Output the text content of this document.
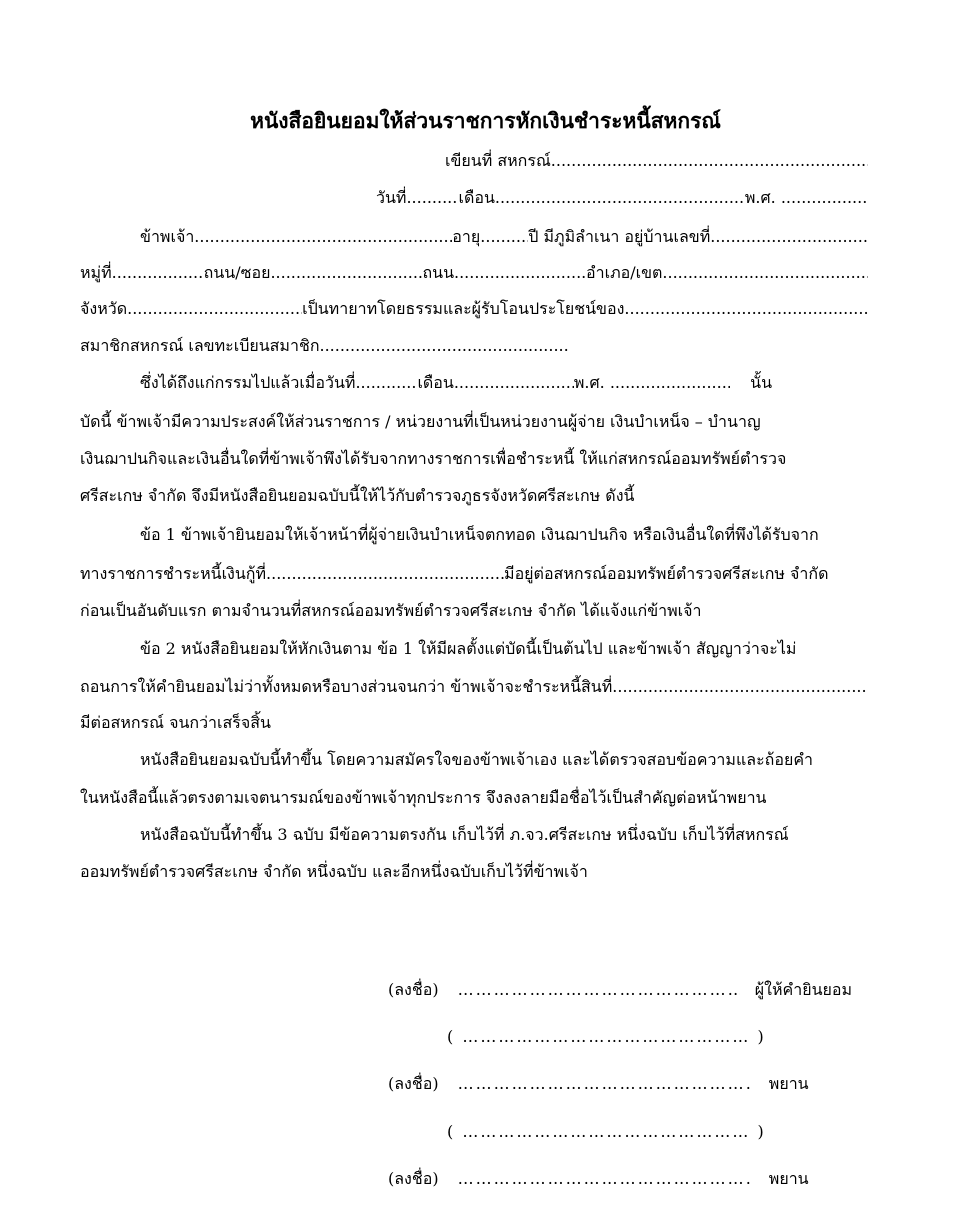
หนังสือยินยอมให้ส่วนราชการหักเงินชำระหนี้สหกรณ์
เขียนที่ สหกรณ์
.....
วันที่ .....	เดือน .....	พ.ศ.

.....
ข้าพเจ้า .....	อายุ .....	ปี มีภูมิลำเนา อยู่บ้านเลขที่
.....
หมู่ที่ .....	ถนน/ซอย .....	ถนน .....	อำเภอ/เขต
.....
จังหวัด .....	เป็นทายาทโดยธรรมและผู้รับโอนประโยชน์ของ
.....
สมาชิกสหกรณ์ เลขทะเบียนสมาชิก
.....
ซึ่งได้ถึงแก่กรรมไปแล้วเมื่อวันที่ .....	เดือน .....	พ.ศ.
.....
	นั้น
บัดนี้ ข้าพเจ้ามีความประสงค์ให้ส่วนราชการ / หน่วยงานที่เป็นหน่วยงานผู้จ่าย เงินบำเหน็จ – บำนาญ
เงินฌาปนกิจและเงินอื่นใดที่ข้าพเจ้าพึงได้รับจากทางราชการเพื่อชำระหนี้ ให้แก่สหกรณ์ออมทรัพย์ตำรวจ
ศรีสะเกษ จำกัด จึงมีหนังสือยินยอมฉบับนี้ให้ไว้กับตำรวจภูธรจังหวัดศรีสะเกษ ดังนี้
ข้อ 1 ข้าพเจ้ายินยอมให้เจ้าหน้าที่ผู้จ่ายเงินบำเหน็จตกทอด เงินฌาปนกิจ หรือเงินอื่นใดที่พึงได้รับจาก
ทางราชการชำระหนี้เงินกู้ที่ .....	มีอยู่ต่อสหกรณ์ออมทรัพย์ตำรวจศรีสะเกษ จำกัด
ก่อนเป็นอันดับแรก ตามจำนวนที่สหกรณ์ออมทรัพย์ตำรวจศรีสะเกษ จำกัด ได้แจ้งแก่ข้าพเจ้า
ข้อ 2 หนังสือยินยอมให้หักเงินตาม ข้อ 1 ให้มีผลตั้งแต่บัดนี้เป็นต้นไป และข้าพเจ้า สัญญาว่าจะไม่
ถอนการให้คำยินยอมไม่ว่าทั้งหมดหรือบางส่วนจนกว่า ข้าพเจ้าจะชำระหนี้สินที่
.....
มีต่อสหกรณ์ จนกว่าเสร็จสิ้น
หนังสือยินยอมฉบับนี้ทำขึ้น โดยความสมัครใจของข้าพเจ้าเอง และได้ตรวจสอบข้อความและถ้อยคำ
ในหนังสือนี้แล้วตรงตามเจตนารมณ์ของข้าพเจ้าทุกประการ จึงลงลายมือชื่อไว้เป็นสำคัญต่อหน้าพยาน
หนังสือฉบับนี้ทำขึ้น 3 ฉบับ มีข้อความตรงกัน เก็บไว้ที่ ภ.จว.ศรีสะเกษ หนึ่งฉบับ เก็บไว้ที่สหกรณ์
ออมทรัพย์ตำรวจศรีสะเกษ จำกัด หนึ่งฉบับ และอีกหนึ่งฉบับเก็บไว้ที่ข้าพเจ้า
(ลงชื่อ) ………………………………………………………………………………	ผู้ให้คำยินยอม
( ………………………………………………………………………………	)
(ลงชื่อ) ………………………………………………………………………………	พยาน
( ………………………………………………………………………………	)
(ลงชื่อ) ………………………………………………………………………………	พยาน
